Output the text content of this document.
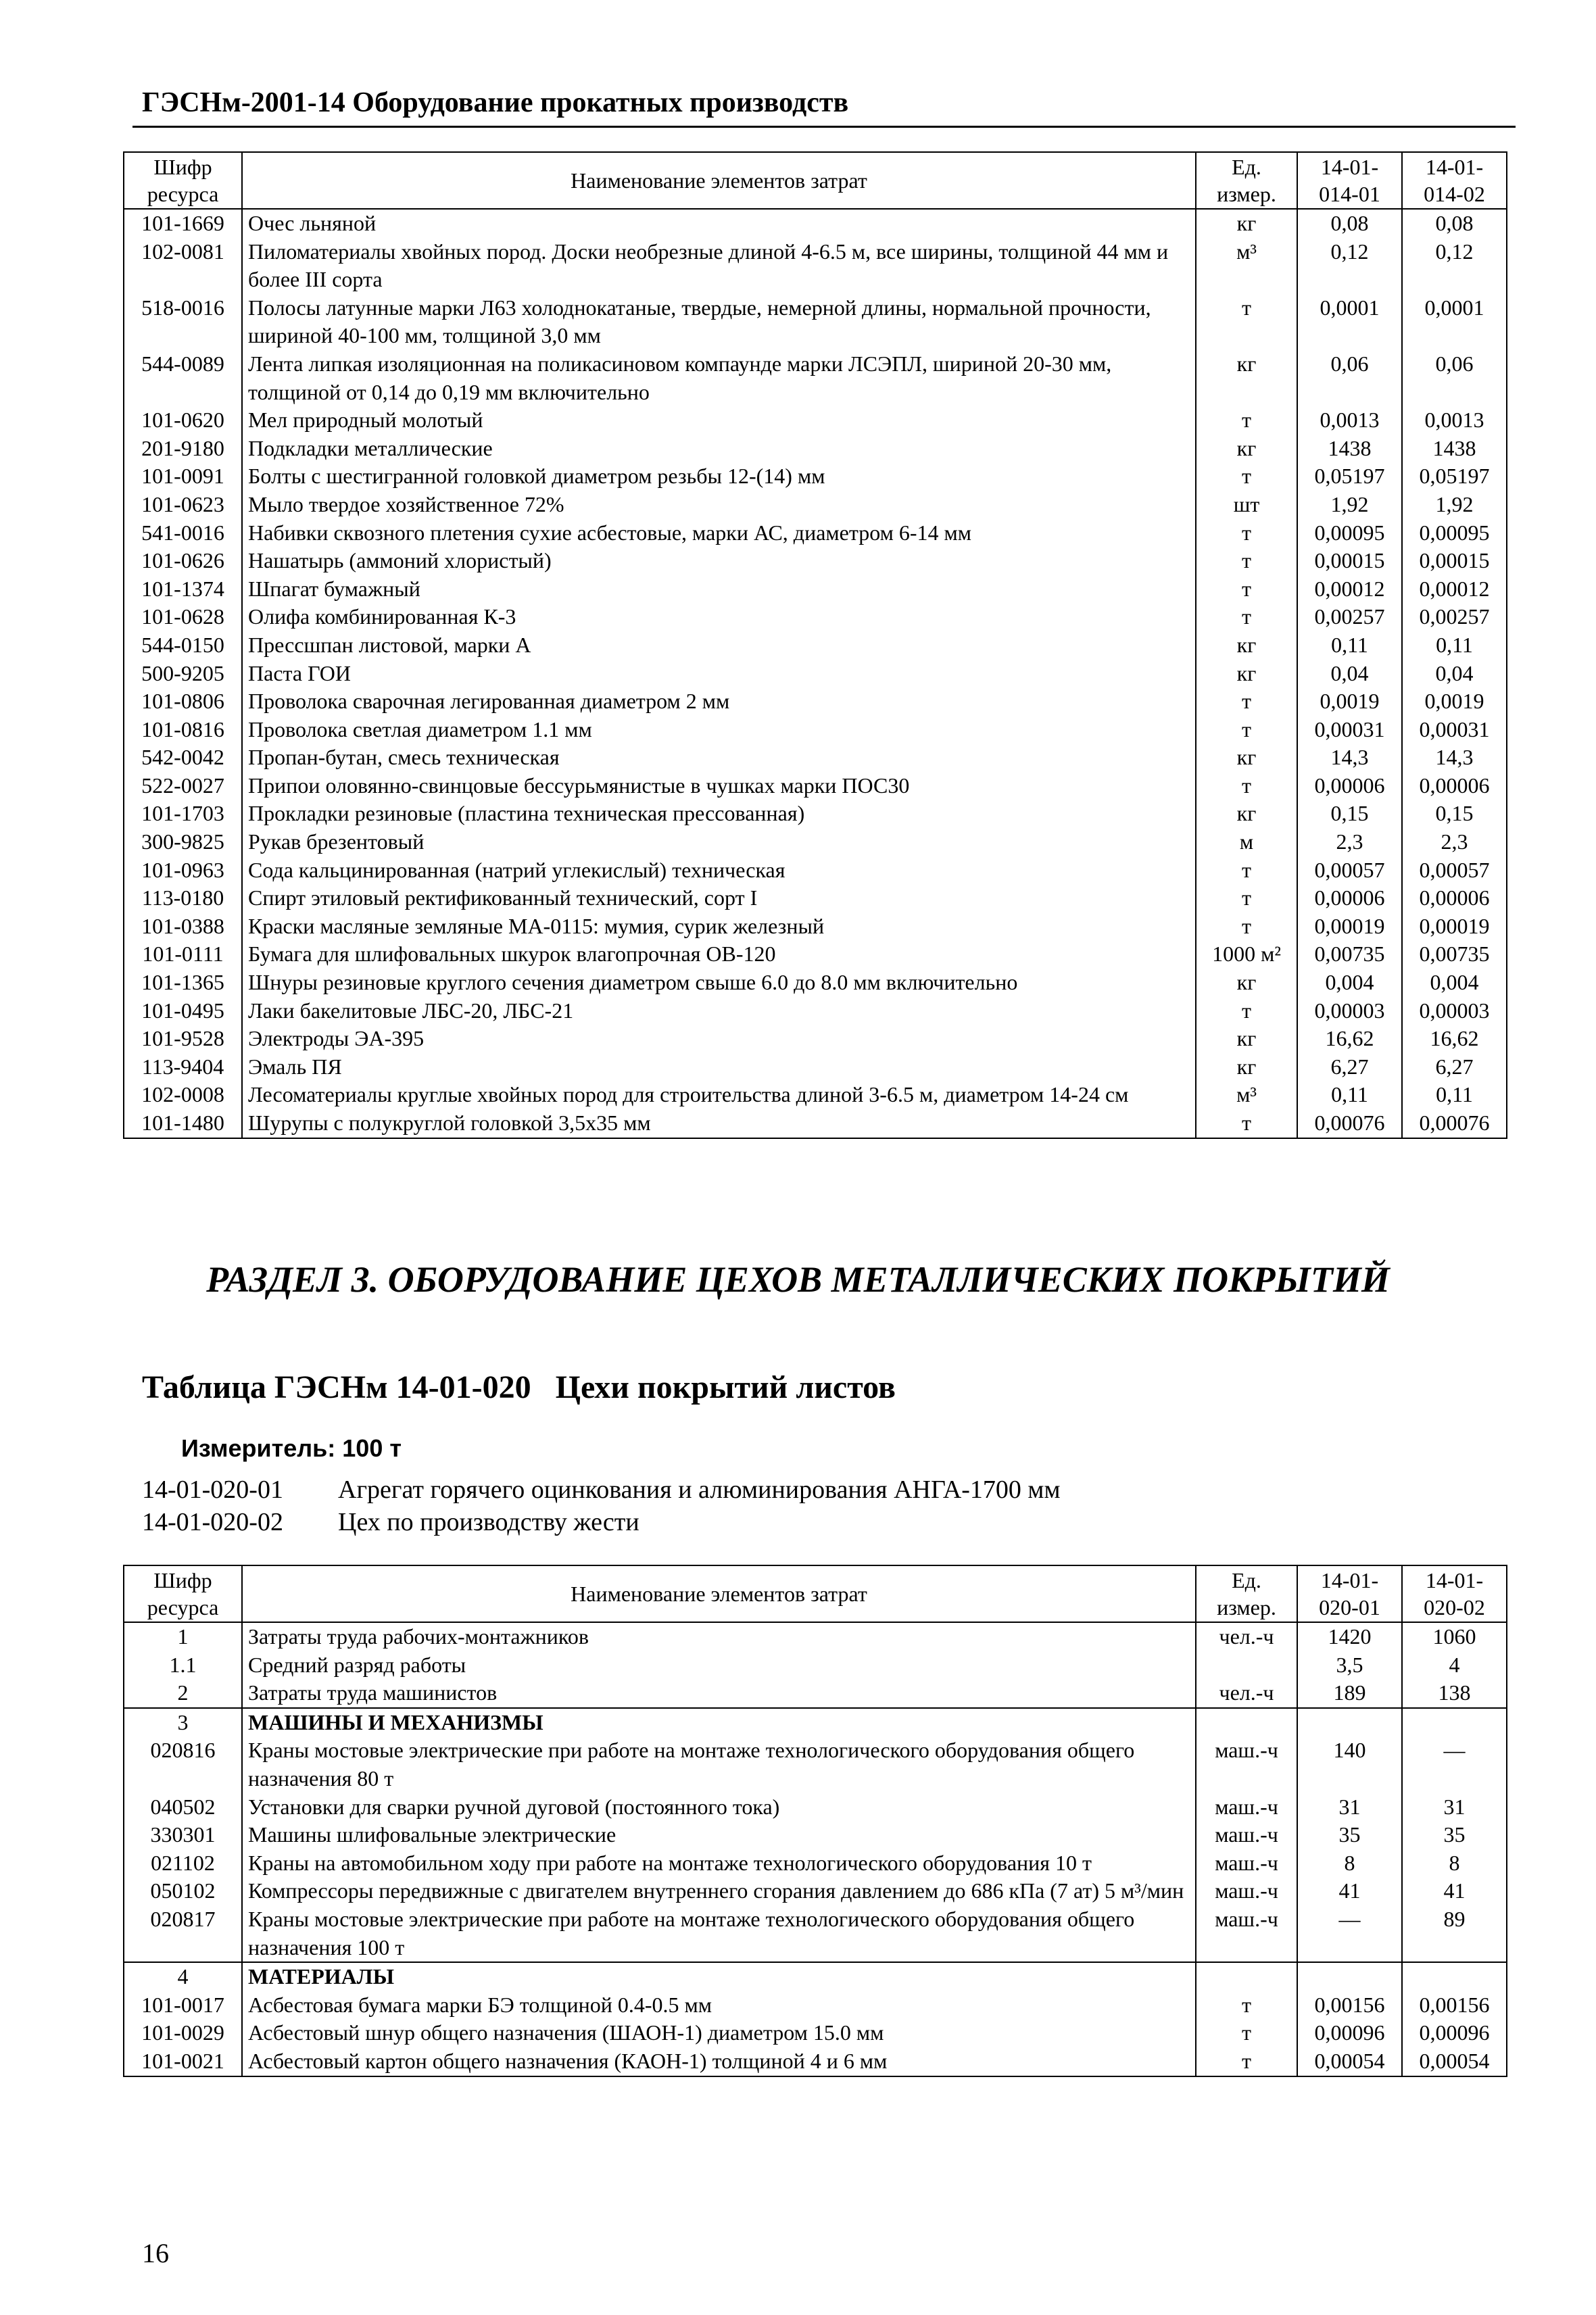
ГЭСНм-2001-14 Оборудование прокатных производств
Шифр ресурса	Наименование элементов затрат	Ед. измер.	14-01-014-01	14-01-014-02
101-1669	Очес льняной	кг	0,08	0,08
102-0081	Пиломатериалы хвойных пород. Доски необрезные длиной 4-6.5 м, все ширины, толщиной 44 мм и более III сорта	м³	0,12	0,12
518-0016	Полосы латунные марки Л63 холоднокатаные, твердые, немерной длины, нормальной прочности, шириной 40-100 мм, толщиной 3,0 мм	т	0,0001	0,0001
544-0089	Лента липкая изоляционная на поликасиновом компаунде марки ЛСЭПЛ, шириной 20-30 мм, толщиной от 0,14 до 0,19 мм включительно	кг	0,06	0,06
101-0620	Мел природный молотый	т	0,0013	0,0013
201-9180	Подкладки металлические	кг	1438	1438
101-0091	Болты с шестигранной головкой диаметром резьбы 12-(14) мм	т	0,05197	0,05197
101-0623	Мыло твердое хозяйственное 72%	шт	1,92	1,92
541-0016	Набивки сквозного плетения сухие асбестовые, марки АС, диаметром 6-14 мм	т	0,00095	0,00095
101-0626	Нашатырь (аммоний хлористый)	т	0,00015	0,00015
101-1374	Шпагат бумажный	т	0,00012	0,00012
101-0628	Олифа комбинированная К-3	т	0,00257	0,00257
544-0150	Прессшпан листовой, марки А	кг	0,11	0,11
500-9205	Паста ГОИ	кг	0,04	0,04
101-0806	Проволока сварочная легированная диаметром 2 мм	т	0,0019	0,0019
101-0816	Проволока светлая диаметром 1.1 мм	т	0,00031	0,00031
542-0042	Пропан-бутан, смесь техническая	кг	14,3	14,3
522-0027	Припои оловянно-свинцовые бессурьмянистые в чушках марки ПОС30	т	0,00006	0,00006
101-1703	Прокладки резиновые (пластина техническая прессованная)	кг	0,15	0,15
300-9825	Рукав брезентовый	м	2,3	2,3
101-0963	Сода кальцинированная (натрий углекислый) техническая	т	0,00057	0,00057
113-0180	Спирт этиловый ректификованный технический, сорт I	т	0,00006	0,00006
101-0388	Краски масляные земляные МА-0115: мумия, сурик железный	т	0,00019	0,00019
101-0111	Бумага для шлифовальных шкурок влагопрочная ОВ-120	1000 м²	0,00735	0,00735
101-1365	Шнуры резиновые круглого сечения диаметром свыше 6.0 до 8.0 мм включительно	кг	0,004	0,004
101-0495	Лаки бакелитовые ЛБС-20, ЛБС-21	т	0,00003	0,00003
101-9528	Электроды ЭА-395	кг	16,62	16,62
113-9404	Эмаль ПЯ	кг	6,27	6,27
102-0008	Лесоматериалы круглые хвойных пород для строительства длиной 3-6.5 м, диаметром 14-24 см	м³	0,11	0,11
101-1480	Шурупы с полукруглой головкой 3,5х35 мм	т	0,00076	0,00076
РАЗДЕЛ 3. ОБОРУДОВАНИЕ ЦЕХОВ МЕТАЛЛИЧЕСКИХ ПОКРЫТИЙ
Таблица ГЭСНм 14-01-020   Цехи покрытий листов
Измеритель: 100 т
14-01-020-01 Агрегат горячего оцинкования и алюминирования АНГА-1700 мм
14-01-020-02 Цех по производству жести
Шифр ресурса	Наименование элементов затрат	Ед. измер.	14-01-020-01	14-01-020-02
1	Затраты труда рабочих-монтажников	чел.-ч	1420	1060
1.1	Средний разряд работы		3,5	4
2	Затраты труда машинистов	чел.-ч	189	138
3	МАШИНЫ И МЕХАНИЗМЫ			
020816	Краны мостовые электрические при работе на монтаже технологического оборудования общего назначения 80 т	маш.-ч	140	—
040502	Установки для сварки ручной дуговой (постоянного тока)	маш.-ч	31	31
330301	Машины шлифовальные электрические	маш.-ч	35	35
021102	Краны на автомобильном ходу при работе на монтаже технологического оборудования 10 т	маш.-ч	8	8
050102	Компрессоры передвижные с двигателем внутреннего сгорания давлением до 686 кПа (7 ат) 5 м³/мин	маш.-ч	41	41
020817	Краны мостовые электрические при работе на монтаже технологического оборудования общего назначения 100 т	маш.-ч	—	89
4	МАТЕРИАЛЫ			
101-0017	Асбестовая бумага марки БЭ толщиной 0.4-0.5 мм	т	0,00156	0,00156
101-0029	Асбестовый шнур общего назначения (ШАОН-1) диаметром 15.0 мм	т	0,00096	0,00096
101-0021	Асбестовый картон общего назначения (КАОН-1) толщиной 4 и 6 мм	т	0,00054	0,00054
16
